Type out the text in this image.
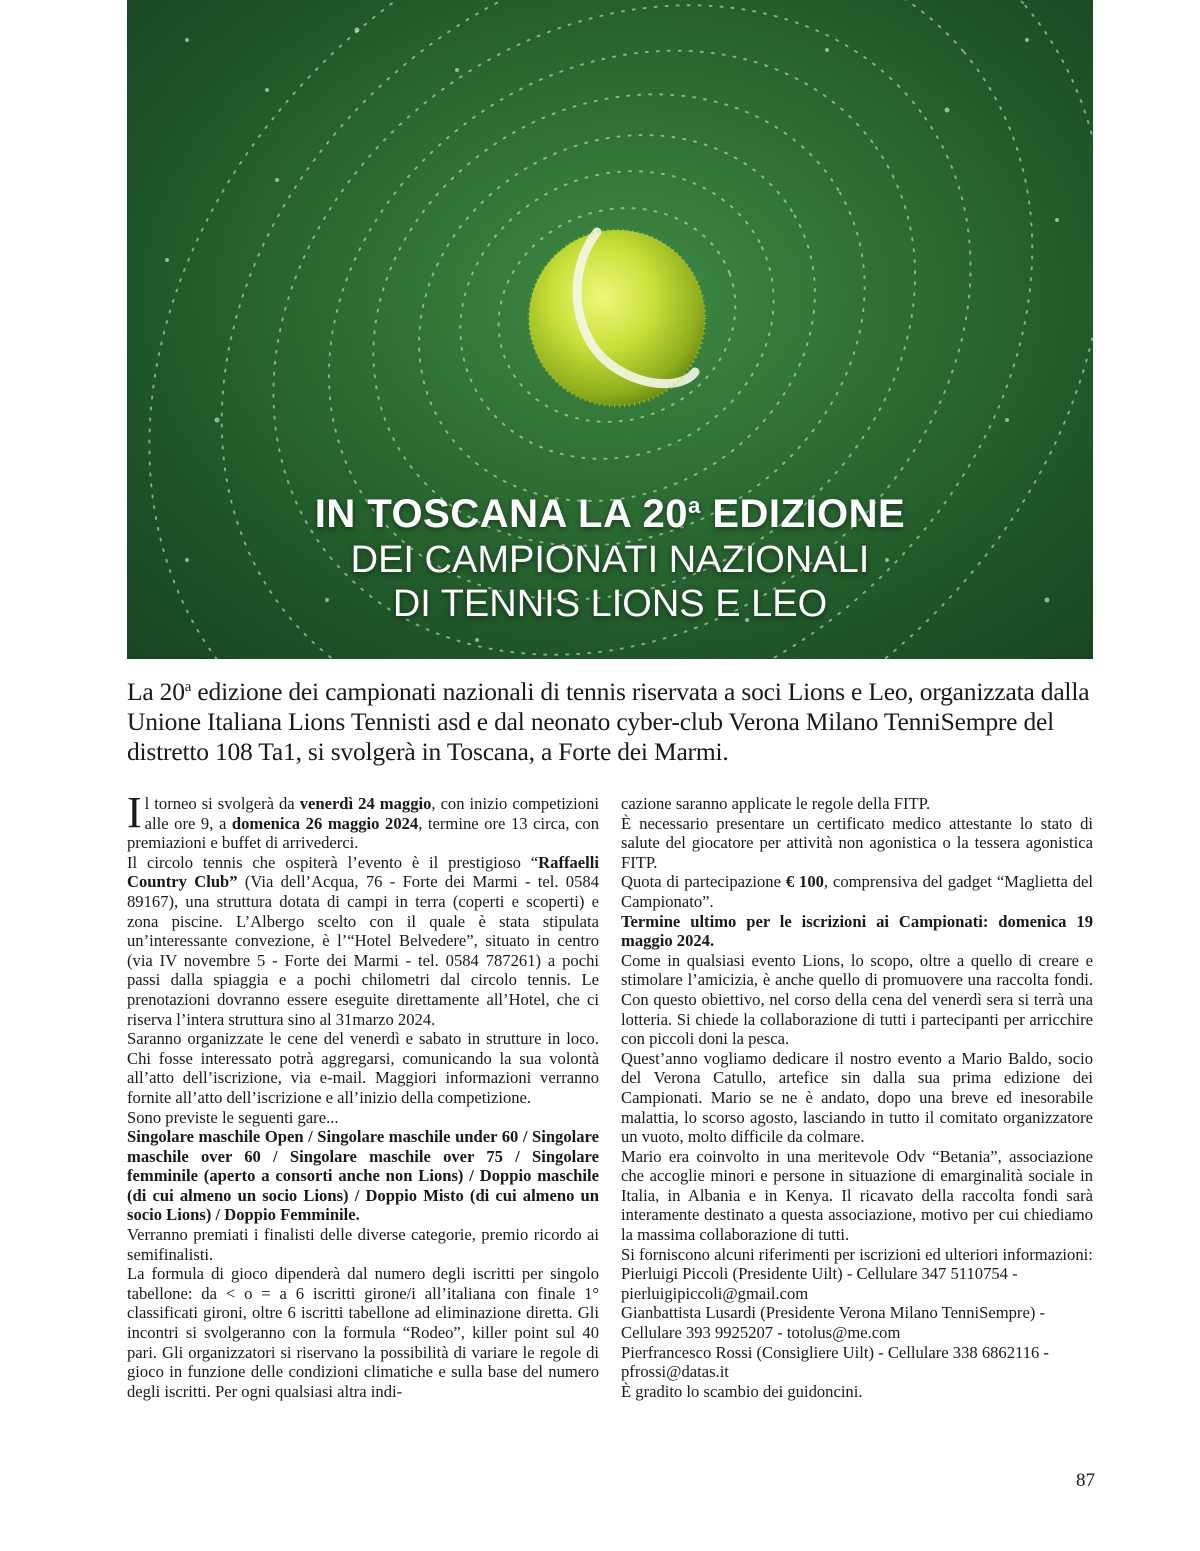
IN TOSCANA LA 20$^a$ EDIZIONE
DEI CAMPIONATI NAZIONALI
DI TENNIS LIONS E LEO
La 20$^a$ edizione dei campionati nazionali di tennis riservata a soci Lions e Leo, organizzata dalla Unione Italiana Lions Tennisti asd e dal neonato cyber-club Verona Milano TenniSempre del distretto 108 Ta1, si svolgerà in Toscana, a Forte dei Marmi.

Il torneo si svolgerà da venerdì 24 maggio, con inizio competizioni alle ore 9, a domenica 26 maggio 2024, termine ore 13 circa, con premiazioni e buffet di arrivederci.

Il circolo tennis che ospiterà l’evento è il prestigioso “Raffaelli Country Club” (Via dell’Acqua, 76 - Forte dei Marmi - tel. 0584 89167), una struttura dotata di campi in terra (coperti e scoperti) e zona piscine. L’Albergo scelto con il quale è stata stipulata un’interessante convezione, è l’“Hotel Belvedere”, situato in centro (via IV novembre 5 - Forte dei Marmi - tel. 0584 787261) a pochi passi dalla spiaggia e a pochi chilometri dal circolo tennis. Le prenotazioni dovranno essere eseguite direttamente all’Hotel, che ci riserva l’intera struttura sino al 31marzo 2024.

Saranno organizzate le cene del venerdì e sabato in strutture in loco. Chi fosse interessato potrà aggregarsi, comunicando la sua volontà all’atto dell’iscrizione, via e-mail. Maggiori informazioni verranno fornite all’atto dell’iscrizione e all’inizio della competizione.

Sono previste le seguenti gare...

Singolare maschile Open / Singolare maschile under 60 / Singolare maschile over 60 / Singolare maschile over 75 / Singolare femminile (aperto a consorti anche non Lions) / Doppio maschile (di cui almeno un socio Lions) / Doppio Misto (di cui almeno un socio Lions) / Doppio Femminile.

Verranno premiati i finalisti delle diverse categorie, premio ricordo ai semifinalisti.

La formula di gioco dipenderà dal numero degli iscritti per singolo tabellone: da < o = a 6 iscritti girone/i all’italiana con finale 1° classificati gironi, oltre 6 iscritti tabellone ad eliminazione diretta. Gli incontri si svolgeranno con la formula “Rodeo”, killer point sul 40 pari. Gli organizzatori si riservano la possibilità di variare le regole di gioco in funzione delle condizioni climatiche e sulla base del numero degli iscritti. Per ogni qualsiasi altra indi-

cazione saranno applicate le regole della FITP.

È necessario presentare un certificato medico attestante lo stato di salute del giocatore per attività non agonistica o la tessera agonistica FITP.

Quota di partecipazione € 100, comprensiva del gadget “Maglietta del Campionato”.

Termine ultimo per le iscrizioni ai Campionati: domenica 19 maggio 2024.

Come in qualsiasi evento Lions, lo scopo, oltre a quello di creare e stimolare l’amicizia, è anche quello di promuovere una raccolta fondi. Con questo obiettivo, nel corso della cena del venerdì sera si terrà una lotteria. Si chiede la collaborazione di tutti i partecipanti per arricchire con piccoli doni la pesca.

Quest’anno vogliamo dedicare il nostro evento a Mario Baldo, socio del Verona Catullo, artefice sin dalla sua prima edizione dei Campionati. Mario se ne è andato, dopo una breve ed inesorabile malattia, lo scorso agosto, lasciando in tutto il comitato organizzatore un vuoto, molto difficile da colmare.

Mario era coinvolto in una meritevole Odv “Betania”, associazione che accoglie minori e persone in situazione di emarginalità sociale in Italia, in Albania e in Kenya. Il ricavato della raccolta fondi sarà interamente destinato a questa associazione, motivo per cui chiediamo la massima collaborazione di tutti.

Si forniscono alcuni riferimenti per iscrizioni ed ulteriori informazioni:

Pierluigi Piccoli (Presidente Uilt) - Cellulare 347 5110754 - pierluigipiccoli@gmail.com

Gianbattista Lusardi (Presidente Verona Milano TenniSempre) - Cellulare 393 9925207 - totolus@me.com

Pierfrancesco Rossi (Consigliere Uilt) - Cellulare 338 6862116 - pfrossi@datas.it

È gradito lo scambio dei guidoncini.

87
